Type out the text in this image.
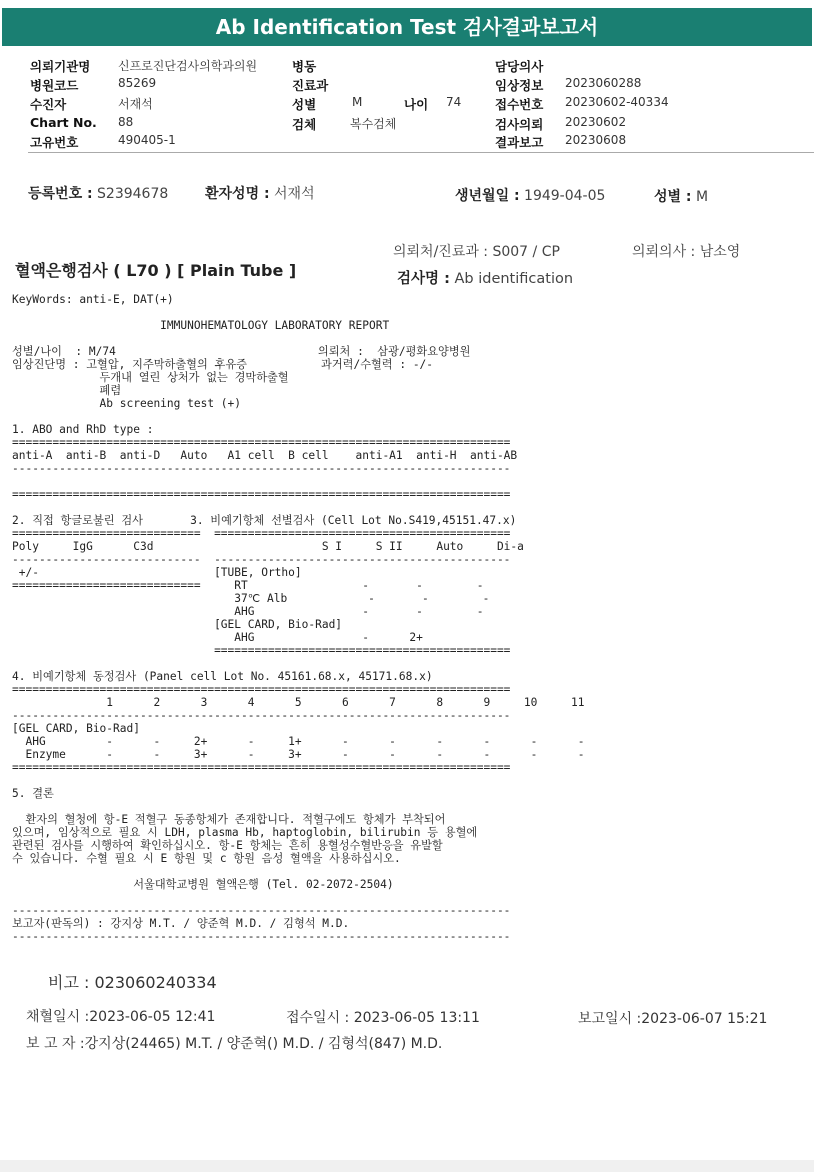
Ab Identification Test 검사결과보고서
의뢰기관명 신프로진단검사의학과의원
병원코드	85269
수진자	서재석
Chart No. 88
고유번호	490405-1
병동
진료과
성별	M	나이 74
검체	복수검체
담당의사
임상정보 2023060288
접수번호 20230602-40334
검사의뢰 20230602
결과보고 20230608
등록번호 : S2394678	환자성명 : 서재석	생년월일 : 1949-04-05	성별 : M
의뢰처/진료과 : S007 / CP	의뢰의사 : 남소영
혈액은행검사 ( L70 ) [ Plain Tube ]	검사명 : Ab identification
KeyWords: anti-E, DAT(+)

IMMUNOHEMATOLOGY LABORATORY REPORT

성별/나이  : M/74                              의뢰처 :  삼광/평화요양병원
임상진단명 : 고혈압, 지주막하출혈의 후유증           과거력/수혈력 : -/-
두개내 열린 상처가 없는 경막하출혈
폐렴
Ab screening test (+)

1. ABO and RhD type :
==========================================================================
anti-A  anti-B  anti-D   Auto   A1 cell  B cell    anti-A1  anti-H  anti-AB
--------------------------------------------------------------------------

==========================================================================

2. 직접 항글로불린 검사       3. 비예기항체 선별검사 (Cell Lot No.S419,45151.47.x)
============================  ============================================
Poly     IgG      C3d                         S I     S II     Auto     Di-a
----------------------------  --------------------------------------------
+/-                          [TUBE, Ortho]
============================     RT                 -       -        -
37℃ Alb            -       -        -
AHG                -       -        -
[GEL CARD, Bio-Rad]
AHG                -      2+
============================================

4. 비예기항체 동정검사 (Panel cell Lot No. 45161.68.x, 45171.68.x)
==========================================================================
1      2      3      4      5      6      7      8      9     10     11
--------------------------------------------------------------------------
[GEL CARD, Bio-Rad]
AHG         -      -     2+      -     1+      -      -      -      -      -      -
Enzyme      -      -     3+      -     3+      -      -      -      -      -      -
==========================================================================

5. 결론

환자의 혈청에 항-E 적혈구 동종항체가 존재합니다. 적혈구에도 항체가 부착되어
있으며, 임상적으로 필요 시 LDH, plasma Hb, haptoglobin, bilirubin 등 용혈에
관련된 검사를 시행하여 확인하십시오. 항-E 항체는 흔히 용혈성수혈반응을 유발할
수 있습니다. 수혈 필요 시 E 항원 및 c 항원 음성 혈액을 사용하십시오.

서울대학교병원 혈액은행 (Tel. 02-2072-2504)

--------------------------------------------------------------------------
보고자(판독의) : 강지상 M.T. / 양준혁 M.D. / 김형석 M.D.
--------------------------------------------------------------------------
비고 : 023060240334
채혈일시 :2023-06-05 12:41	접수일시 : 2023-06-05 13:11	보고일시 :2023-06-07 15:21
보 고 자 :강지상(24465) M.T. / 양준혁() M.D. / 김형석(847) M.D.
